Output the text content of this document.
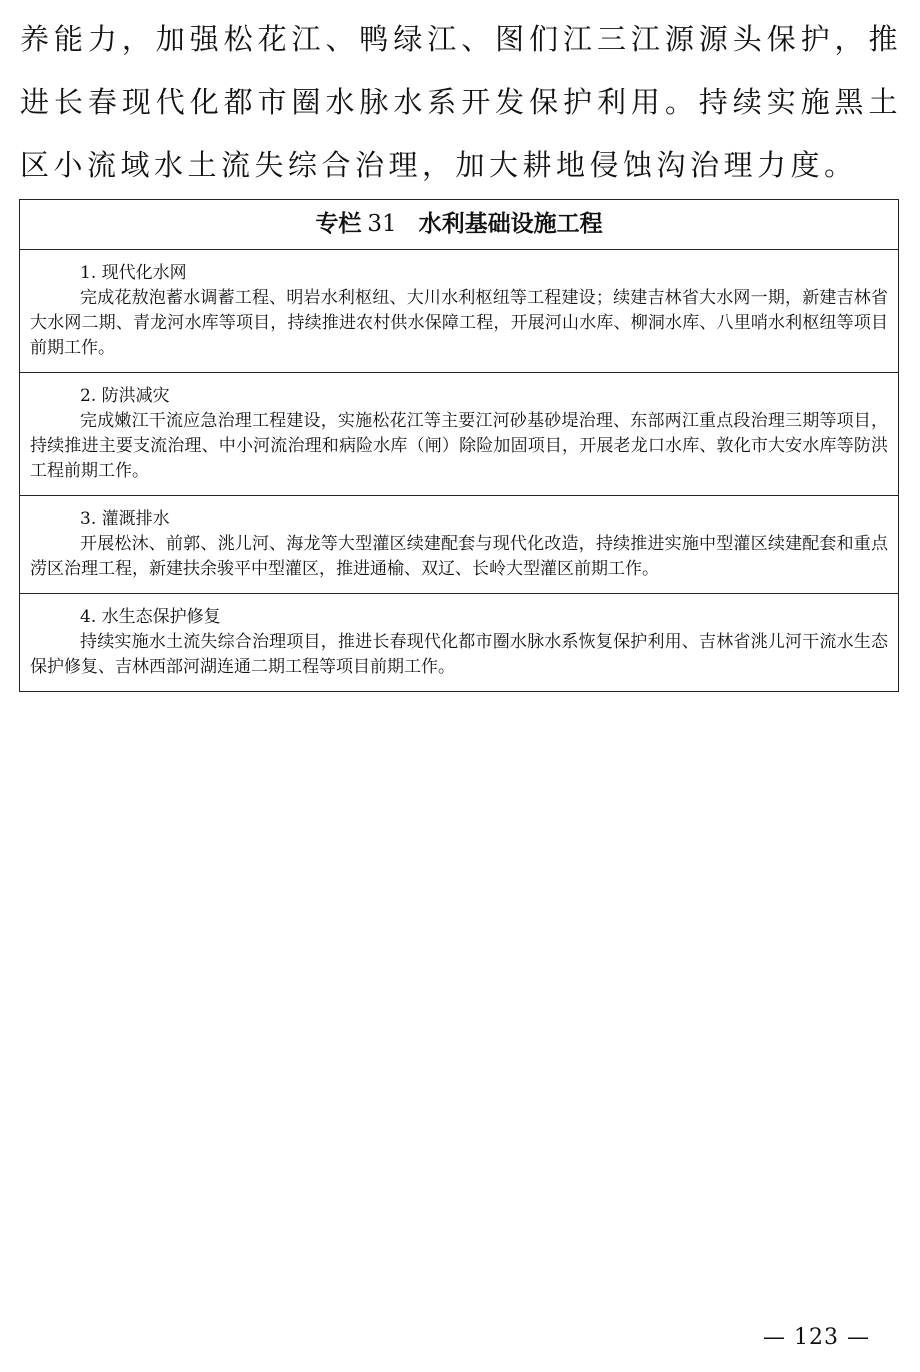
养能力，加强松花江、鸭绿江、图们江三江源源头保护，推进长春现代化都市圈水脉水系开发保护利用。持续实施黑土区小流域水土流失综合治理，加大耕地侵蚀沟治理力度。

专栏 31 水利基础设施工程
1. 现代化水网
完成花敖泡蓄水调蓄工程、明岩水利枢纽、大川水利枢纽等工程建设；续建吉林省大水网一期，新建吉林省大水网二期、青龙河水库等项目，持续推进农村供水保障工程，开展河山水库、柳洞水库、八里哨水利枢纽等项目前期工作。
2. 防洪减灾
完成嫩江干流应急治理工程建设，实施松花江等主要江河砂基砂堤治理、东部两江重点段治理三期等项目，持续推进主要支流治理、中小河流治理和病险水库（闸）除险加固项目，开展老龙口水库、敦化市大安水库等防洪工程前期工作。
3. 灌溉排水
开展松沐、前郭、洮儿河、海龙等大型灌区续建配套与现代化改造，持续推进实施中型灌区续建配套和重点涝区治理工程，新建扶余骏平中型灌区，推进通榆、双辽、长岭大型灌区前期工作。
4. 水生态保护修复
持续实施水土流失综合治理项目，推进长春现代化都市圈水脉水系恢复保护利用、吉林省洮儿河干流水生态保护修复、吉林西部河湖连通二期工程等项目前期工作。
— 123 —
